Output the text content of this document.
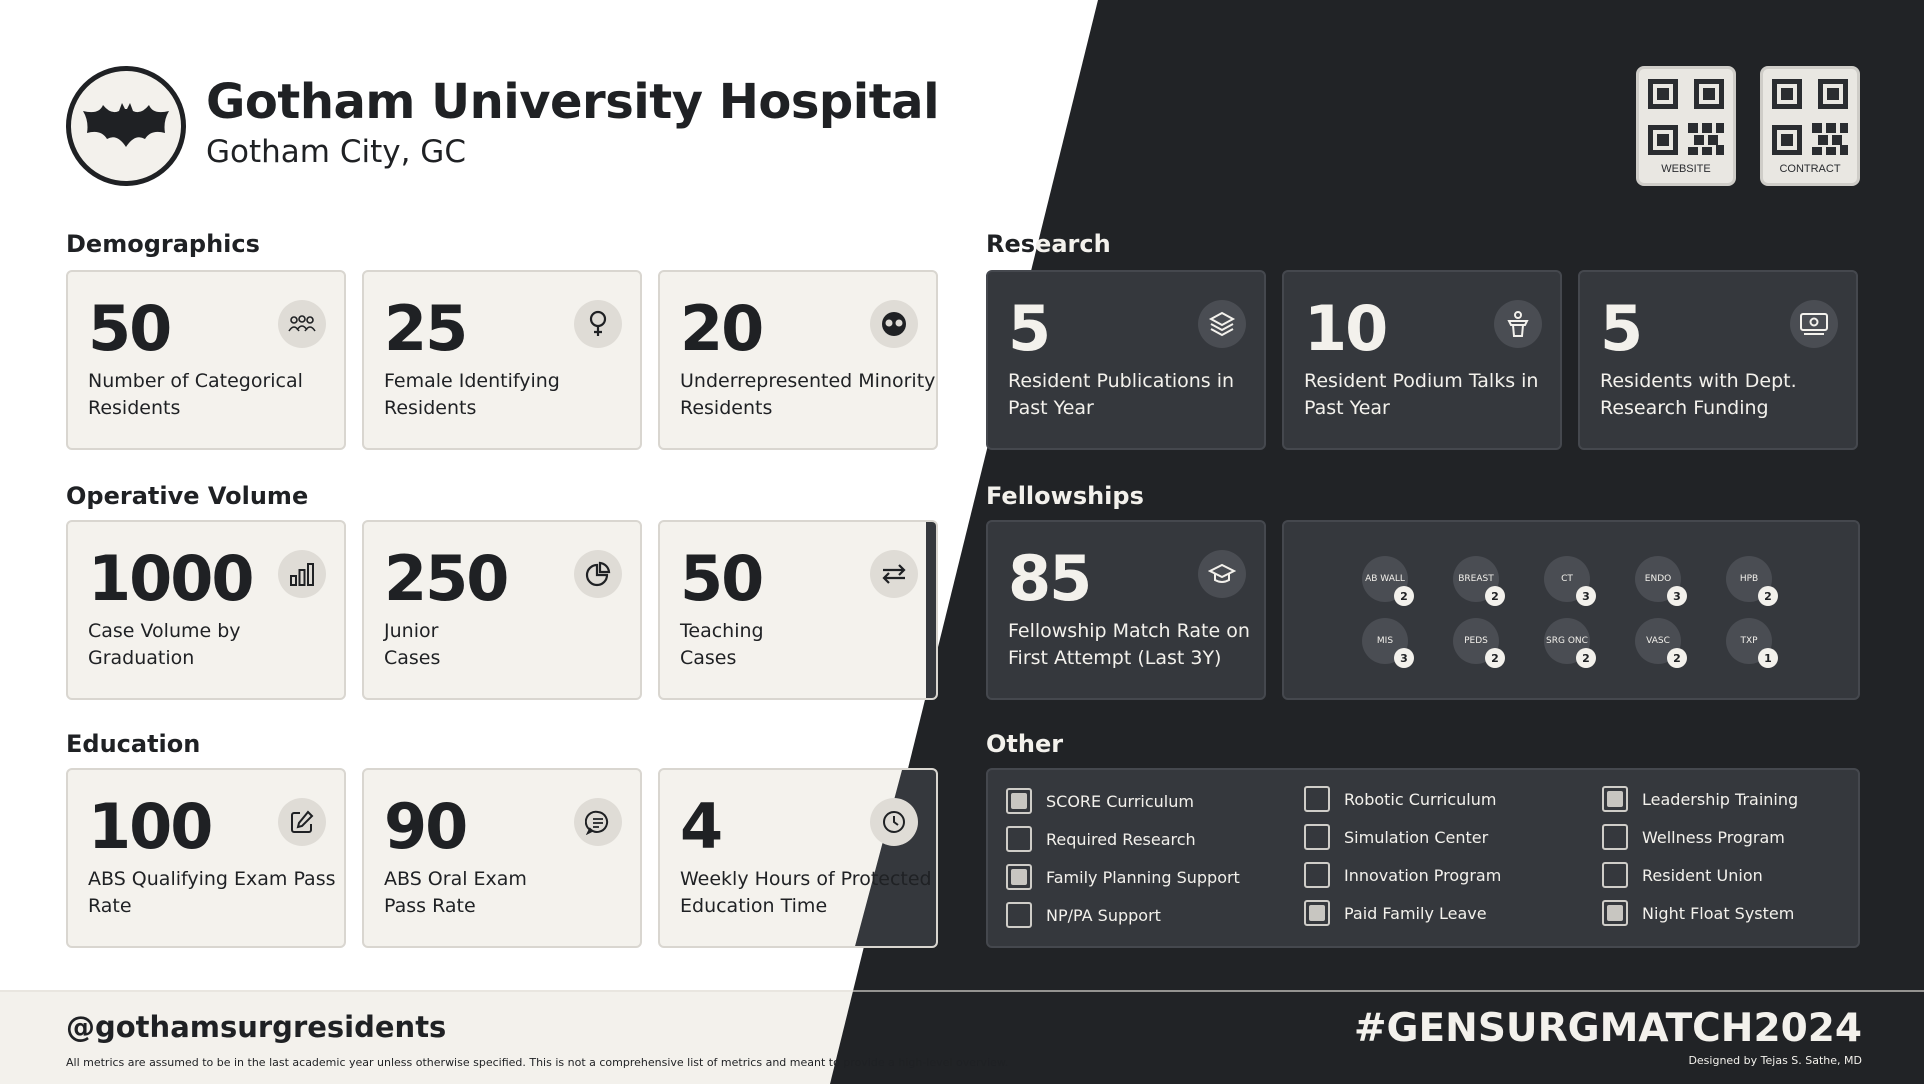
Gotham University Hospital
Gotham City, GC	WEBSITE	CONTRACT
Demographics
Operative Volume
Education
Research
Fellowships
Other
50
Number of Categorical Residents
25
Female Identifying Residents
20
Underrepresented Minority Residents
1000
Case Volume by Graduation
250
Junior Cases
50
Teaching Cases
100
ABS Qualifying Exam Pass Rate
90
ABS Oral Exam Pass Rate
4
Weekly Hours of Protected Education Time
5
Resident Publications in Past Year
10
Resident Podium Talks in Past Year
5
Residents with Dept. Research Funding
85
Fellowship Match Rate on First Attempt (Last 3Y)
AB WALL
2
BREAST
2
CT
3
ENDO
3
HPB
2
MIS
3
PEDS
2
SRG ONC
2
VASC
2
TXP
1
SCORE Curriculum
Required Research
Family Planning Support
NP/PA Support
Robotic Curriculum
Simulation Center
Innovation Program
Paid Family Leave
Leadership Training
Wellness Program
Resident Union
Night Float System
@gothamsurgresidents
All metrics are assumed to be in the last academic year unless otherwise specified. This is not a comprehensive list of metrics and meant to provide a high-level overview.
#GENSURGMATCH2024
Designed by Tejas S. Sathe, MD
